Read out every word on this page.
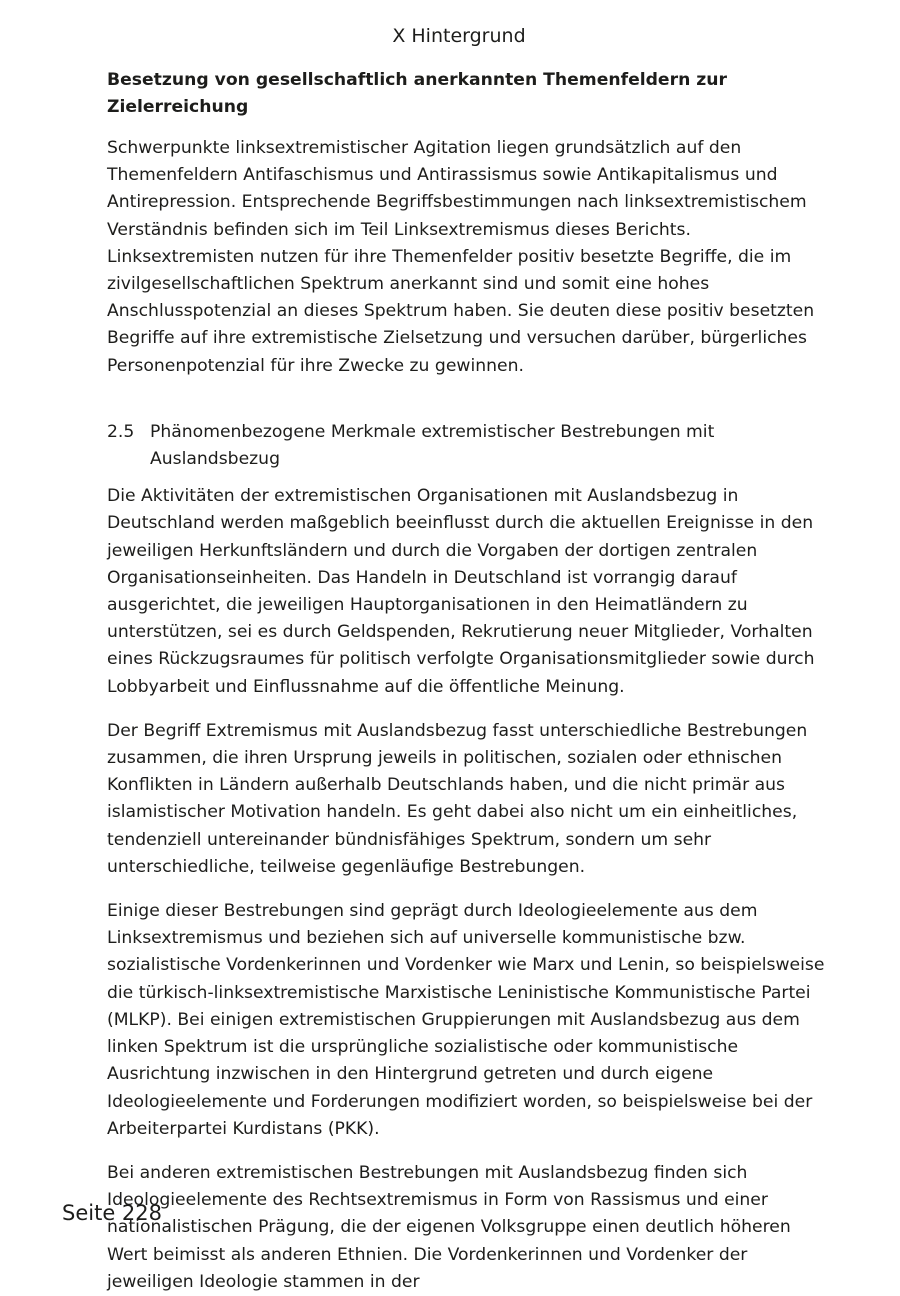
X Hintergrund
Besetzung von gesellschaftlich anerkannten Themenfeldern zur Zielerreichung

Schwerpunkte linksextremistischer Agitation liegen grundsätzlich auf den Themenfeldern Antifaschismus und Antirassismus sowie Antikapitalismus und Antirepression. Entsprechende Begriffsbestimmungen nach linksextremistischem Verständnis befinden sich im Teil Linksextremismus dieses Berichts. Linksextremisten nutzen für ihre Themenfelder positiv besetzte Begriffe, die im zivilgesellschaftlichen Spektrum anerkannt sind und somit eine hohes Anschlusspotenzial an dieses Spektrum haben. Sie deuten diese positiv besetzten Begriffe auf ihre extremistische Zielsetzung und versuchen darüber, bürgerliches Personenpotenzial für ihre Zwecke zu gewinnen.

2.5 Phänomenbezogene Merkmale extremistischer Bestrebungen mit Auslandsbezug

Die Aktivitäten der extremistischen Organisationen mit Auslandsbezug in Deutschland werden maßgeblich beeinflusst durch die aktuellen Ereignisse in den jeweiligen Herkunftsländern und durch die Vorgaben der dortigen zentralen Organisationseinheiten. Das Handeln in Deutschland ist vorrangig darauf ausgerichtet, die jeweiligen Hauptorganisationen in den Heimatländern zu unterstützen, sei es durch Geldspenden, Rekrutierung neuer Mitglieder, Vorhalten eines Rückzugsraumes für politisch verfolgte Organisationsmitglieder sowie durch Lobbyarbeit und Einflussnahme auf die öffentliche Meinung.

Der Begriff Extremismus mit Auslandsbezug fasst unterschiedliche Bestrebungen zusammen, die ihren Ursprung jeweils in politischen, sozialen oder ethnischen Konflikten in Ländern außerhalb Deutschlands haben, und die nicht primär aus islamistischer Motivation handeln. Es geht dabei also nicht um ein einheitliches, tendenziell untereinander bündnisfähiges Spektrum, sondern um sehr unterschiedliche, teilweise gegenläufige Bestrebungen.

Einige dieser Bestrebungen sind geprägt durch Ideologieelemente aus dem Linksextremismus und beziehen sich auf universelle kommunistische bzw. sozialistische Vordenkerinnen und Vordenker wie Marx und Lenin, so beispielsweise die türkisch-linksextremistische Marxistische Leninistische Kommunistische Partei (MLKP). Bei einigen extremistischen Gruppierungen mit Auslandsbezug aus dem linken Spektrum ist die ursprüngliche sozialistische oder kommunistische Ausrichtung inzwischen in den Hintergrund getreten und durch eigene Ideologieelemente und Forderungen modifiziert worden, so beispielsweise bei der Arbeiterpartei Kurdistans (PKK).

Bei anderen extremistischen Bestrebungen mit Auslandsbezug finden sich Ideologieelemente des Rechtsextremismus in Form von Rassismus und einer nationalistischen Prägung, die der eigenen Volksgruppe einen deutlich höheren Wert beimisst als anderen Ethnien. Die Vordenkerinnen und Vordenker der jeweiligen Ideologie stammen in der

Seite 228
